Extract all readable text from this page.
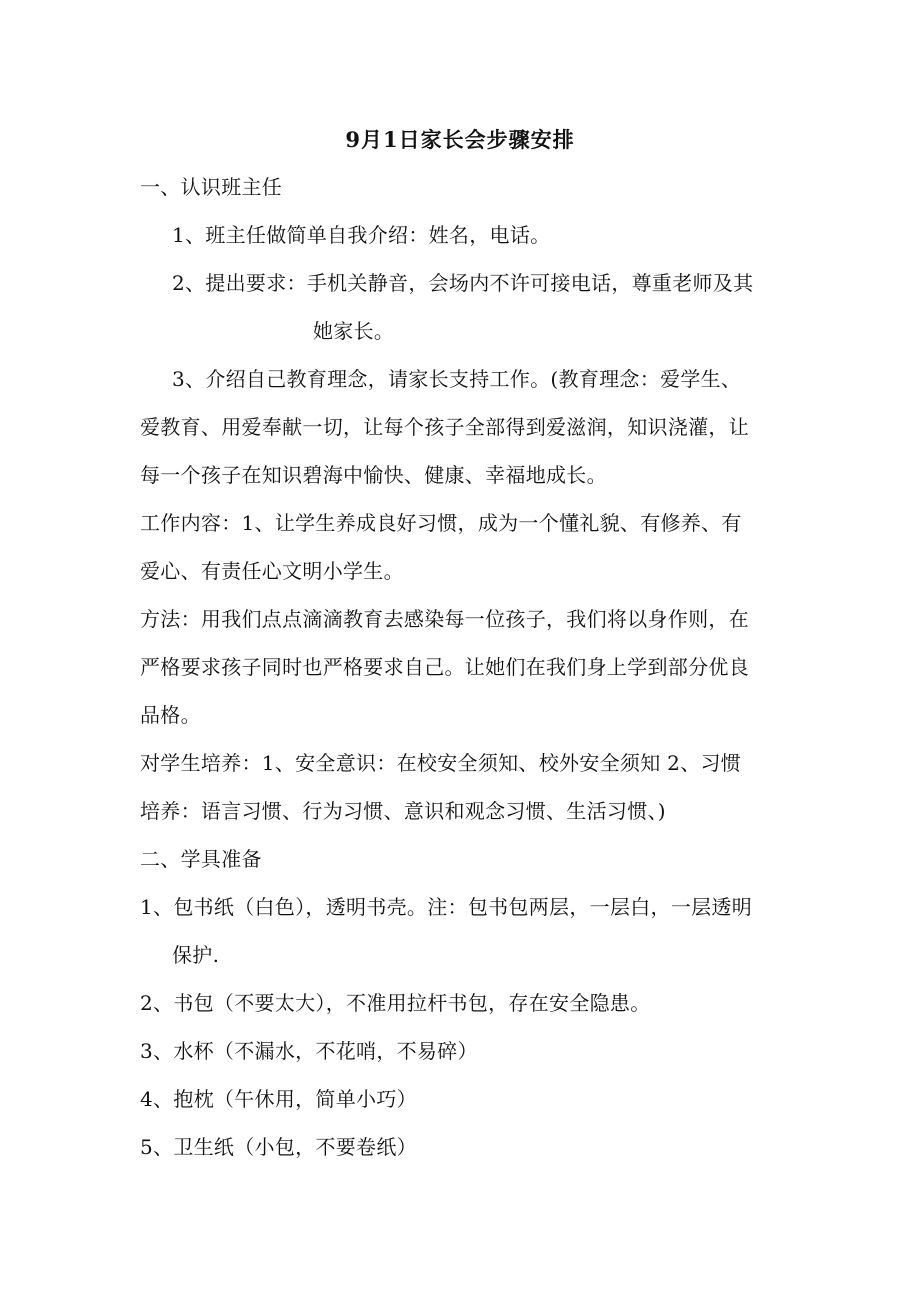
9月1日家长会步骤安排
一、认识班主任
1、班主任做简单自我介绍：姓名，电话。
2、提出要求：手机关静音，会场内不许可接电话，尊重老师及其
她家长。
3、介绍自己教育理念，请家长支持工作。(教育理念：爱学生、
爱教育、用爱奉献一切，让每个孩子全部得到爱滋润，知识浇灌，让
每一个孩子在知识碧海中愉快、健康、幸福地成长。
工作内容：1、让学生养成良好习惯，成为一个懂礼貌、有修养、有
爱心、有责任心文明小学生。
方法：用我们点点滴滴教育去感染每一位孩子，我们将以身作则，在
严格要求孩子同时也严格要求自己。让她们在我们身上学到部分优良
品格。
对学生培养：1、安全意识：在校安全须知、校外安全须知 2、习惯
培养：语言习惯、行为习惯、意识和观念习惯、生活习惯、)
二、学具准备
1、包书纸（白色），透明书壳。注：包书包两层，一层白，一层透明
保护.
2、书包（不要太大），不准用拉杆书包，存在安全隐患。
3、水杯（不漏水，不花哨，不易碎）
4、抱枕（午休用，简单小巧）
5、卫生纸（小包，不要卷纸）
